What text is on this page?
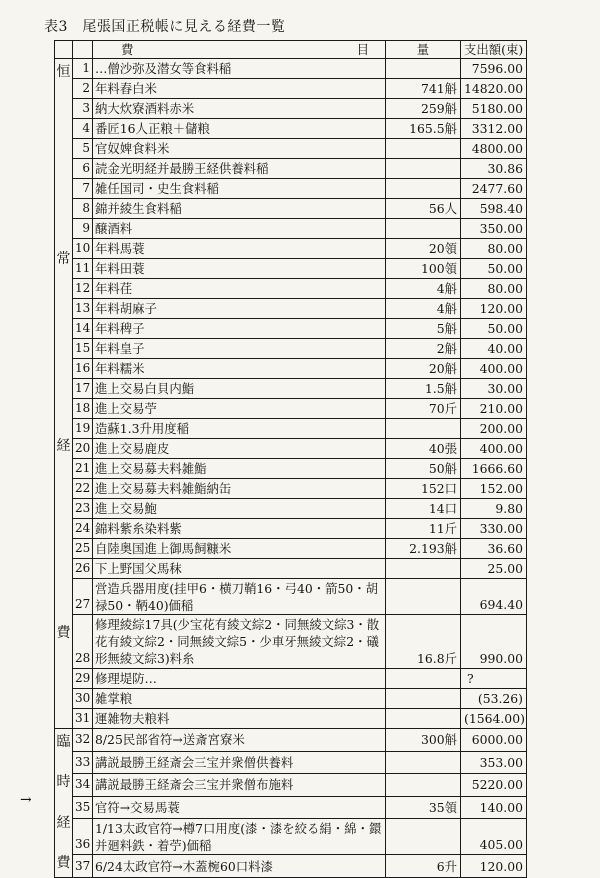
表3　尾張国正税帳に見える経費一覧

		費 目	量	支出額(束)

恒
常
経
費	1	…僧沙弥及潜女等食料稲		7596.00
	2	年料舂白米	741斛	14820.00
	3	納大炊寮酒料赤米	259斛	5180.00
	4	番匠16人正粮＋儲粮	165.5斛	3312.00
	5	官奴婢食料米		4800.00
	6	読金光明経并最勝王経供養料稲		30.86
	7	雑任国司・史生食料稲		2477.60
	8	錦并綾生食料稲	56人	598.40
	9	醸酒料		350.00
	10	年料馬蓑	20領	80.00
	11	年料田蓑	100領	50.00
	12	年料荏	4斛	80.00
	13	年料胡麻子	4斛	120.00
	14	年料稗子	5斛	50.00
	15	年料皇子	2斛	40.00
	16	年料糯米	20斛	400.00
	17	進上交易白貝内鮨	1.5斛	30.00
	18	進上交易苧	70斤	210.00
	19	造蘇1.3升用度稲		200.00
	20	進上交易鹿皮	40張	400.00
	21	進上交易募夫料雑鮨	50斛	1666.60
	22	進上交易募夫料雑鮨納缶	152口	152.00
	23	進上交易鮑	14口	9.80
	24	錦料紫糸染料紫	11斤	330.00
	25	自陸奥国進上御馬飼糠米	2.193斛	36.60
	26	下上野国父馬秣		25.00
	27	営造兵器用度(挂甲6・横刀鞘16・弓40・箭50・胡禄50・鞆40)価稲		694.40
	28	修理綾綜17具(少宝花有綾文綜2・同無綾文綜3・散花有綾文綜2・同無綾文綜5・少車牙無綾文綜2・礒形無綾文綜3)料糸	16.8斤	990.00
	29	修理堤防…		?
	30	雑掌粮		(53.26)
	31	運雑物夫粮料		(1564.00)

臨
時
経
費	32	8/25民部省符→送斎宮寮米	300斛	6000.00
	33	講説最勝王経斎会三宝并衆僧供養料		353.00
	34	講説最勝王経斎会三宝并衆僧布施料		5220.00
	35	官符→交易馬蓑	35領	140.00
	36	1/13太政官符→樽7口用度(漆・漆を絞る絹・綿・鐶并廻料鉄・着苧)価稲		405.00
	37	6/24太政官符→木蓋椀60口料漆	6升	120.00
→
